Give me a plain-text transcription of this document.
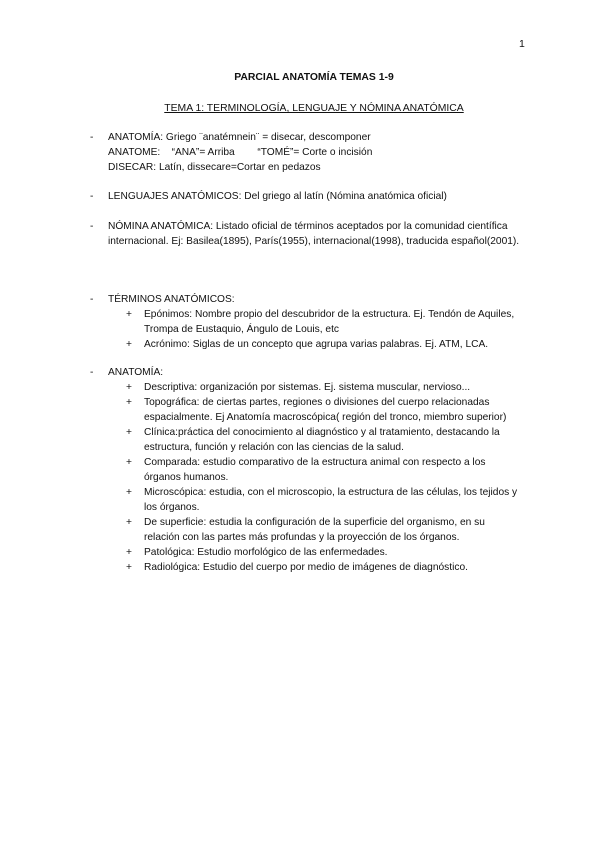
1
PARCIAL ANATOMÍA TEMAS 1-9
TEMA 1: TERMINOLOGÍA, LENGUAJE Y NÓMINA ANATÓMICA
- ANATOMÍA: Griego ¨anatémnein¨ = disecar, descomponer
ANATOME:    “ANA”= Arriba        “TOMÉ”= Corte o incisión
DISECAR: Latín, dissecare=Cortar en pedazos
- LENGUAJES ANATÓMICOS: Del griego al latín (Nómina anatómica oficial)
- NÓMINA ANATÓMICA: Listado oficial de términos aceptados por la comunidad científica internacional. Ej: Basilea(1895), París(1955), internacional(1998), traducida español(2001).
- TÉRMINOS ANATÓMICOS:
+ Epónimos: Nombre propio del descubridor de la estructura. Ej. Tendón de Aquiles, Trompa de Eustaquio, Ángulo de Louis, etc
+ Acrónimo: Siglas de un concepto que agrupa varias palabras. Ej. ATM, LCA.
- ANATOMÍA:
+ Descriptiva: organización por sistemas. Ej. sistema muscular, nervioso...
+ Topográfica: de ciertas partes, regiones o divisiones del cuerpo relacionadas espacialmente. Ej Anatomía macroscópica( región del tronco, miembro superior)
+ Clínica:práctica del conocimiento al diagnóstico y al tratamiento, destacando la estructura, función y relación con las ciencias de la salud.
+ Comparada: estudio comparativo de la estructura animal con respecto a los órganos humanos.
+ Microscópica: estudia, con el microscopio, la estructura de las células, los tejidos y los órganos.
+ De superficie: estudia la configuración de la superficie del organismo, en su relación con las partes más profundas y la proyección de los órganos.
+ Patológica: Estudio morfológico de las enfermedades.
+ Radiológica: Estudio del cuerpo por medio de imágenes de diagnóstico.
